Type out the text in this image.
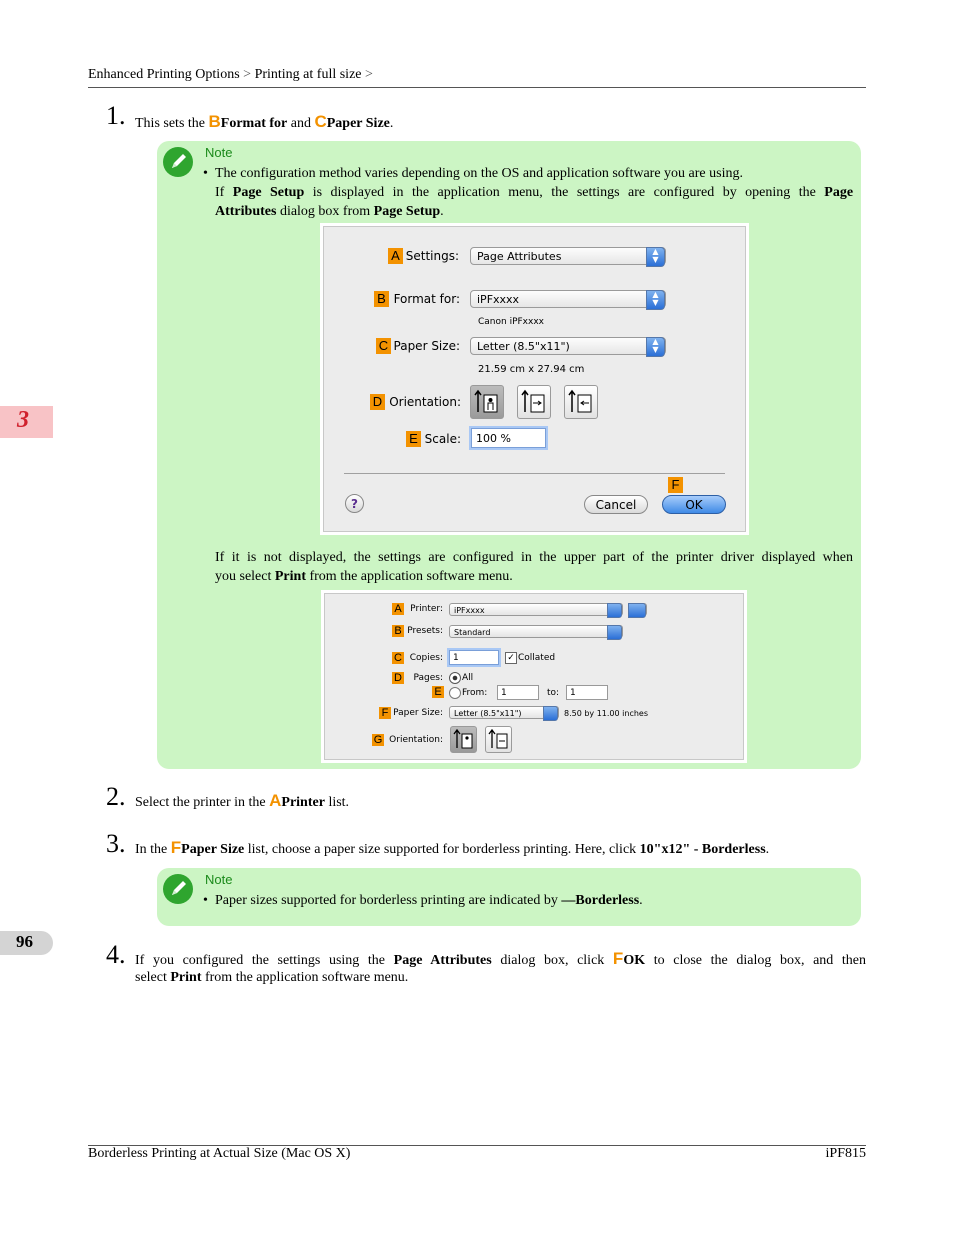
Enhanced Printing Options > Printing at full size >
3
96
1. This sets the BFormat for and CPaper Size.
Note
• The configuration method varies depending on the OS and application software you are using.
If Page Setup is displayed in the application menu, the settings are configured by opening the Page
Attributes dialog box from Page Setup.
A Settings:	Page Attributes	▲
▼
B Format for:	iPFxxxx	▲
▼
Canon iPFxxxx
C Paper Size:	Letter (8.5"x11")	▲
▼
21.59 cm x 27.94 cm
D Orientation:
E Scale:	100 %
?	Cancel
F
OK
If it is not displayed, the settings are configured in the upper part of the printer driver displayed when
you select Print from the application software menu.
A Printer:	iPFxxxx
B Presets:	Standard
C Copies:	1	✓ Collated
D	Pages: All
E From:	1	to:	1
F Paper Size:	Letter (8.5"x11")	8.50 by 11.00 inches
G Orientation:
2. Select the printer in the APrinter list.
3. In the FPaper Size list, choose a paper size supported for borderless printing. Here, click 10"x12" - Borderless.
Note
• Paper sizes supported for borderless printing are indicated by —Borderless.
4. If you configured the settings using the Page Attributes dialog box, click FOK to close the dialog box, and then
select Print from the application software menu.
Borderless Printing at Actual Size (Mac OS X)	iPF815
